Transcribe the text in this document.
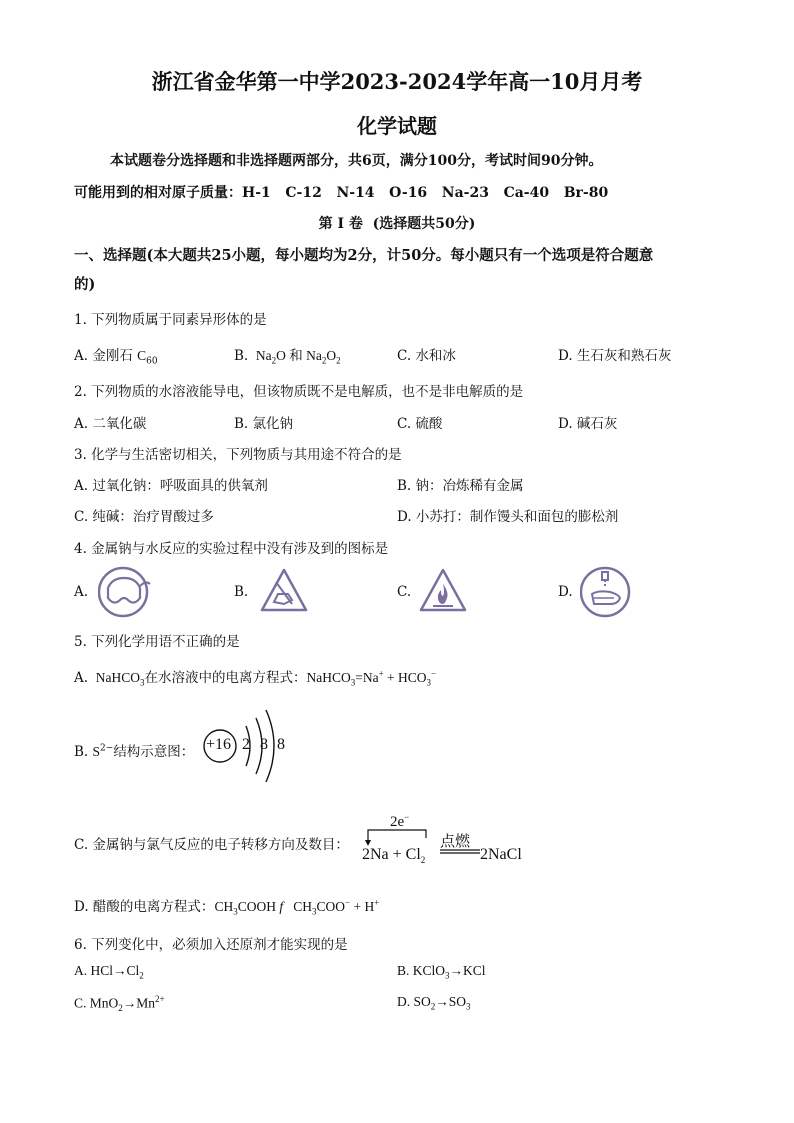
浙江省金华第一中学2023-2024学年高一10月月考
化学试题
本试题卷分选择题和非选择题两部分，共6页，满分100分，考试时间90分钟。
可能用到的相对原子质量：H-1   C-12   N-14   O-16   Na-23   Ca-40   Br-80
第 I 卷  (选择题共50分)
一、选择题(本大题共25小题，每小题均为2分，计50分。每小题只有一个选项是符合题意
的)
1. 下列物质属于同素异形体的是
A. 金刚石 $C_{60}$	B.  $Na_2O$ 和 $Na_2O_2$	C. 水和冰	D. 生石灰和熟石灰
2. 下列物质的水溶液能导电，但该物质既不是电解质，也不是非电解质的是
A. 二氧化碳	B. 氯化钠	C. 硫酸	D. 碱石灰
3. 化学与生活密切相关，下列物质与其用途不符合的是
A. 过氧化钠：呼吸面具的供氧剂	B. 钠：冶炼稀有金属
C. 纯碱：治疗胃酸过多	D. 小苏打：制作馒头和面包的膨松剂
4. 金属钠与水反应的实验过程中没有涉及到的图标是
A.	B.	C.	D.
5. 下列化学用语不正确的是
A.  NaHCO$_3$在水溶液中的电离方程式：NaHCO$_3$=Na+ + $HCO_3^-$
B. $S^{2-}$结构示意图： +16 2 8 8
C. 金属钠与氯气反应的电子转移方向及数目：
2e−
点燃
$2Na + Cl_2$	2NaCl
D. 醋酸的电离方程式：$CH_3COOH$ f   $CH_3COO^- + H^+$
6. 下列变化中，必须加入还原剂才能实现的是
A. $HCl\to Cl_2$	B. KClO$_3$→KCl
C. $MnO_2\to Mn^{2+}$	D. $SO_2\to SO_3$
